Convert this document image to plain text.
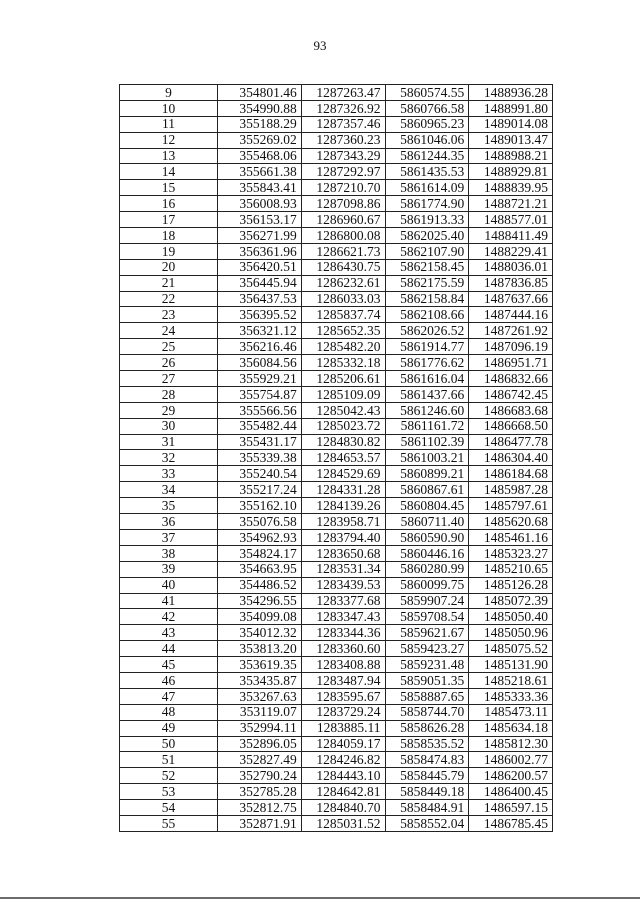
93
9	354801.46	1287263.47	5860574.55	1488936.28
10	354990.88	1287326.92	5860766.58	1488991.80
11	355188.29	1287357.46	5860965.23	1489014.08
12	355269.02	1287360.23	5861046.06	1489013.47
13	355468.06	1287343.29	5861244.35	1488988.21
14	355661.38	1287292.97	5861435.53	1488929.81
15	355843.41	1287210.70	5861614.09	1488839.95
16	356008.93	1287098.86	5861774.90	1488721.21
17	356153.17	1286960.67	5861913.33	1488577.01
18	356271.99	1286800.08	5862025.40	1488411.49
19	356361.96	1286621.73	5862107.90	1488229.41
20	356420.51	1286430.75	5862158.45	1488036.01
21	356445.94	1286232.61	5862175.59	1487836.85
22	356437.53	1286033.03	5862158.84	1487637.66
23	356395.52	1285837.74	5862108.66	1487444.16
24	356321.12	1285652.35	5862026.52	1487261.92
25	356216.46	1285482.20	5861914.77	1487096.19
26	356084.56	1285332.18	5861776.62	1486951.71
27	355929.21	1285206.61	5861616.04	1486832.66
28	355754.87	1285109.09	5861437.66	1486742.45
29	355566.56	1285042.43	5861246.60	1486683.68
30	355482.44	1285023.72	5861161.72	1486668.50
31	355431.17	1284830.82	5861102.39	1486477.78
32	355339.38	1284653.57	5861003.21	1486304.40
33	355240.54	1284529.69	5860899.21	1486184.68
34	355217.24	1284331.28	5860867.61	1485987.28
35	355162.10	1284139.26	5860804.45	1485797.61
36	355076.58	1283958.71	5860711.40	1485620.68
37	354962.93	1283794.40	5860590.90	1485461.16
38	354824.17	1283650.68	5860446.16	1485323.27
39	354663.95	1283531.34	5860280.99	1485210.65
40	354486.52	1283439.53	5860099.75	1485126.28
41	354296.55	1283377.68	5859907.24	1485072.39
42	354099.08	1283347.43	5859708.54	1485050.40
43	354012.32	1283344.36	5859621.67	1485050.96
44	353813.20	1283360.60	5859423.27	1485075.52
45	353619.35	1283408.88	5859231.48	1485131.90
46	353435.87	1283487.94	5859051.35	1485218.61
47	353267.63	1283595.67	5858887.65	1485333.36
48	353119.07	1283729.24	5858744.70	1485473.11
49	352994.11	1283885.11	5858626.28	1485634.18
50	352896.05	1284059.17	5858535.52	1485812.30
51	352827.49	1284246.82	5858474.83	1486002.77
52	352790.24	1284443.10	5858445.79	1486200.57
53	352785.28	1284642.81	5858449.18	1486400.45
54	352812.75	1284840.70	5858484.91	1486597.15
55	352871.91	1285031.52	5858552.04	1486785.45
